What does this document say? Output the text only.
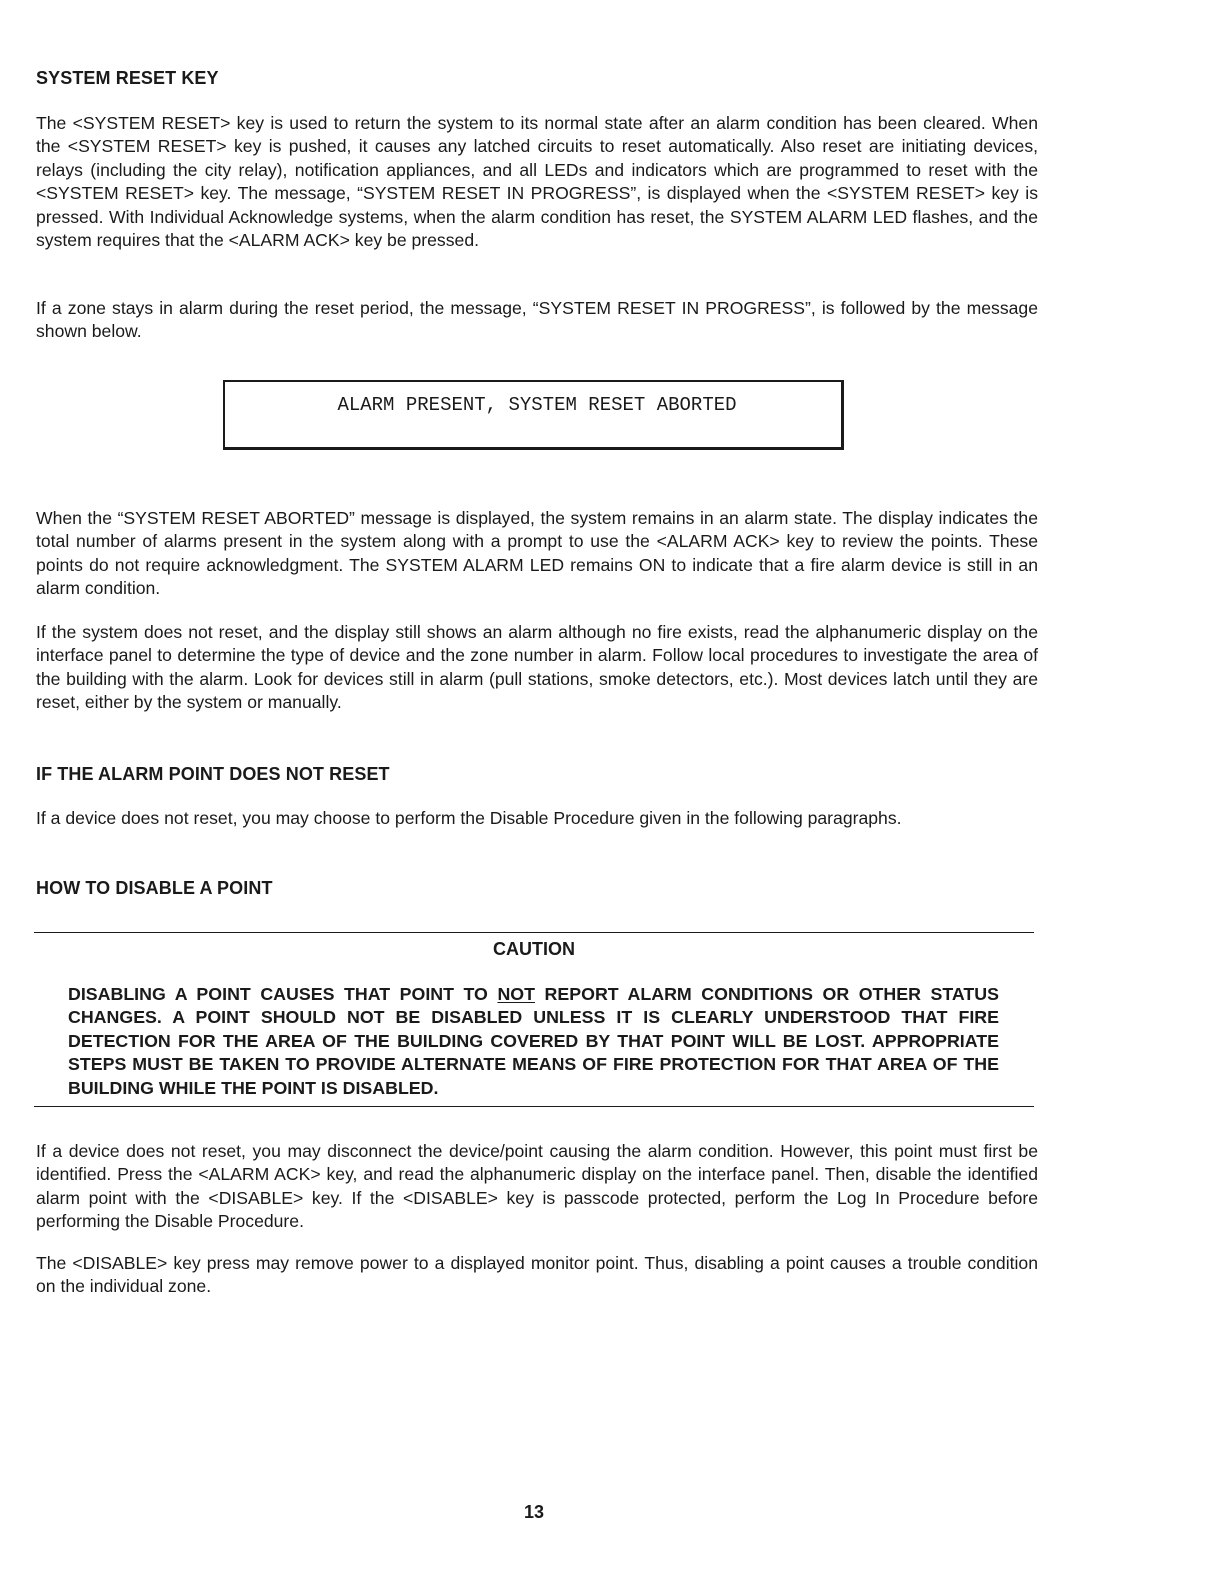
SYSTEM RESET KEY

The <SYSTEM RESET> key is used to return the system to its normal state after an alarm condition has been cleared. When the <SYSTEM RESET> key is pushed, it causes any latched circuits to reset automatically. Also reset are initiating devices, relays (including the city relay), notification appliances, and all LEDs and indicators which are programmed to reset with the <SYSTEM RESET> key. The message, “SYSTEM RESET IN PROGRESS”, is displayed when the <SYSTEM RESET> key is pressed. With Individual Acknowledge systems, when the alarm condition has reset, the SYSTEM ALARM LED flashes, and the system requires that the <ALARM ACK> key be pressed.

If a zone stays in alarm during the reset period, the message, “SYSTEM RESET IN PROGRESS”, is followed by the message shown below.

ALARM PRESENT, SYSTEM RESET ABORTED

When the “SYSTEM RESET ABORTED” message is displayed, the system remains in an alarm state. The display indicates the total number of alarms present in the system along with a prompt to use the <ALARM ACK> key to review the points. These points do not require acknowledgment. The SYSTEM ALARM LED remains ON to indicate that a fire alarm device is still in an alarm condition.

If the system does not reset, and the display still shows an alarm although no fire exists, read the alphanumeric display on the interface panel to determine the type of device and the zone number in alarm. Follow local procedures to investigate the area of the building with the alarm. Look for devices still in alarm (pull stations, smoke detectors, etc.). Most devices latch until they are reset, either by the system or manually.

IF THE ALARM POINT DOES NOT RESET

If a device does not reset, you may choose to perform the Disable Procedure given in the following paragraphs.

HOW TO DISABLE A POINT
CAUTION
DISABLING A POINT CAUSES THAT POINT TO NOT REPORT ALARM CONDITIONS OR OTHER STATUS CHANGES. A POINT SHOULD NOT BE DISABLED UNLESS IT IS CLEARLY UNDERSTOOD THAT FIRE DETECTION FOR THE AREA OF THE BUILDING COVERED BY THAT POINT WILL BE LOST. APPROPRIATE STEPS MUST BE TAKEN TO PROVIDE ALTERNATE MEANS OF FIRE PROTECTION FOR THAT AREA OF THE BUILDING WHILE THE POINT IS DISABLED.

If a device does not reset, you may disconnect the device/point causing the alarm condition. However, this point must first be identified. Press the <ALARM ACK> key, and read the alphanumeric display on the interface panel. Then, disable the identified alarm point with the <DISABLE> key. If the <DISABLE> key is passcode protected, perform the Log In Procedure before performing the Disable Procedure.

The <DISABLE> key press may remove power to a displayed monitor point. Thus, disabling a point causes a trouble condition on the individual zone.

13
